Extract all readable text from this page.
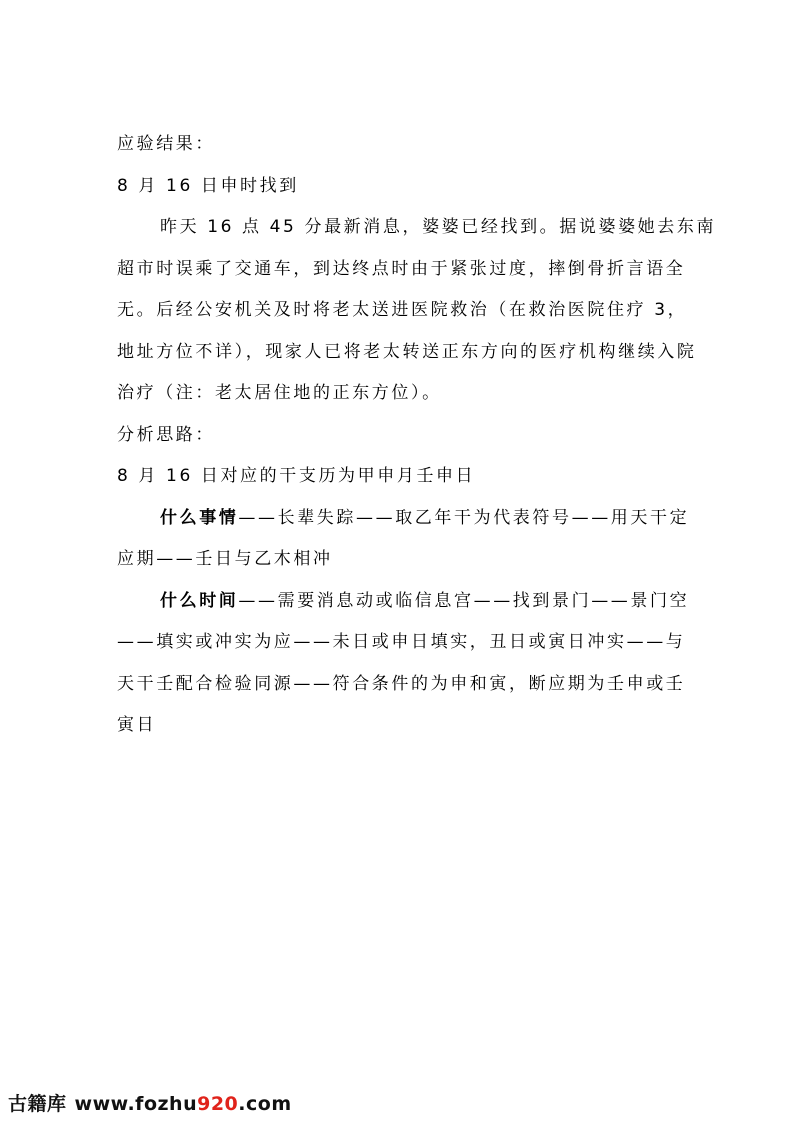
应验结果：
8 月 16 日申时找到
昨天 16 点 45 分最新消息，婆婆已经找到。据说婆婆她去东南
超市时误乘了交通车，到达终点时由于紧张过度，摔倒骨折言语全
无。后经公安机关及时将老太送进医院救治（在救治医院住疗 3，
地址方位不详），现家人已将老太转送正东方向的医疗机构继续入院
治疗（注：老太居住地的正东方位）。
分析思路：
8 月 16 日对应的干支历为甲申月壬申日
什么事情——长辈失踪——取乙年干为代表符号——用天干定
应期——壬日与乙木相冲
什么时间——需要消息动或临信息宫——找到景门——景门空
——填实或冲实为应——未日或申日填实，丑日或寅日冲实——与
天干壬配合检验同源——符合条件的为申和寅，断应期为壬申或壬
寅日
古籍库 www.fozhu920.com
